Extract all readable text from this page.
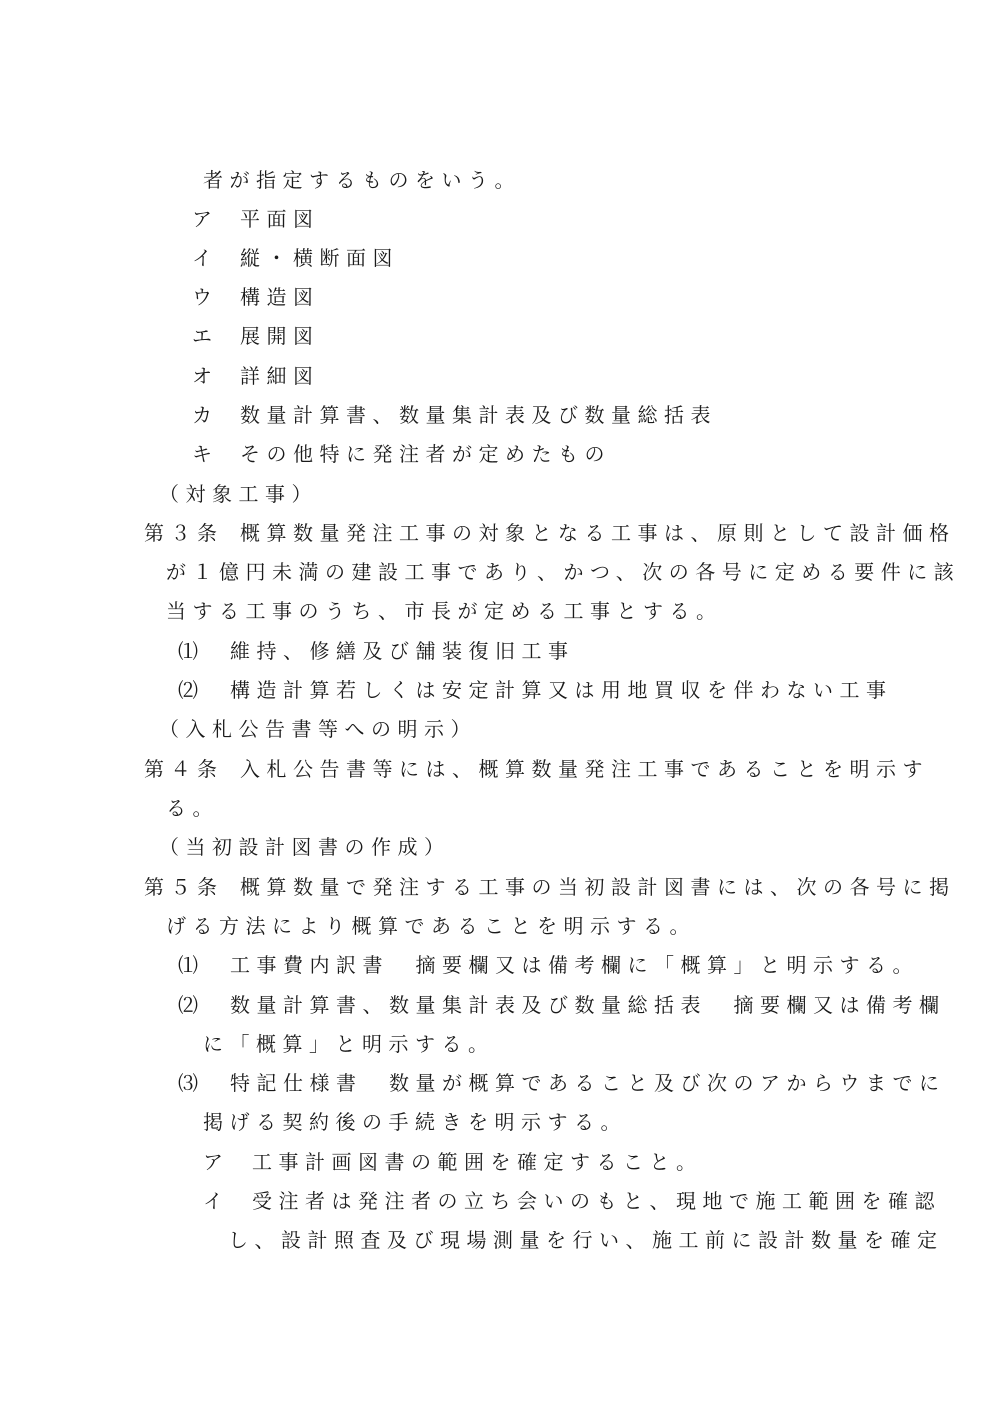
者が指定するものをいう。
ア 平面図
イ 縦・横断面図
ウ 構造図
エ 展開図
オ 詳細図
カ 数量計算書、数量集計表及び数量総括表
キ その他特に発注者が定めたもの
（対象工事）
第３条 概算数量発注工事の対象となる工事は、原則として設計価格
が１億円未満の建設工事であり、かつ、次の各号に定める要件に該
当する工事のうち、市長が定める工事とする。
⑴ 維持、修繕及び舗装復旧工事
⑵ 構造計算若しくは安定計算又は用地買収を伴わない工事
（入札公告書等への明示）
第４条 入札公告書等には、概算数量発注工事であることを明示す
る。
（当初設計図書の作成）
第５条 概算数量で発注する工事の当初設計図書には、次の各号に掲
げる方法により概算であることを明示する。
⑴ 工事費内訳書　摘要欄又は備考欄に「概算」と明示する。
⑵ 数量計算書、数量集計表及び数量総括表　摘要欄又は備考欄
に「概算」と明示する。
⑶ 特記仕様書　数量が概算であること及び次のアからウまでに
掲げる契約後の手続きを明示する。
ア 工事計画図書の範囲を確定すること。
イ 受注者は発注者の立ち会いのもと、現地で施工範囲を確認
し、設計照査及び現場測量を行い、施工前に設計数量を確定
